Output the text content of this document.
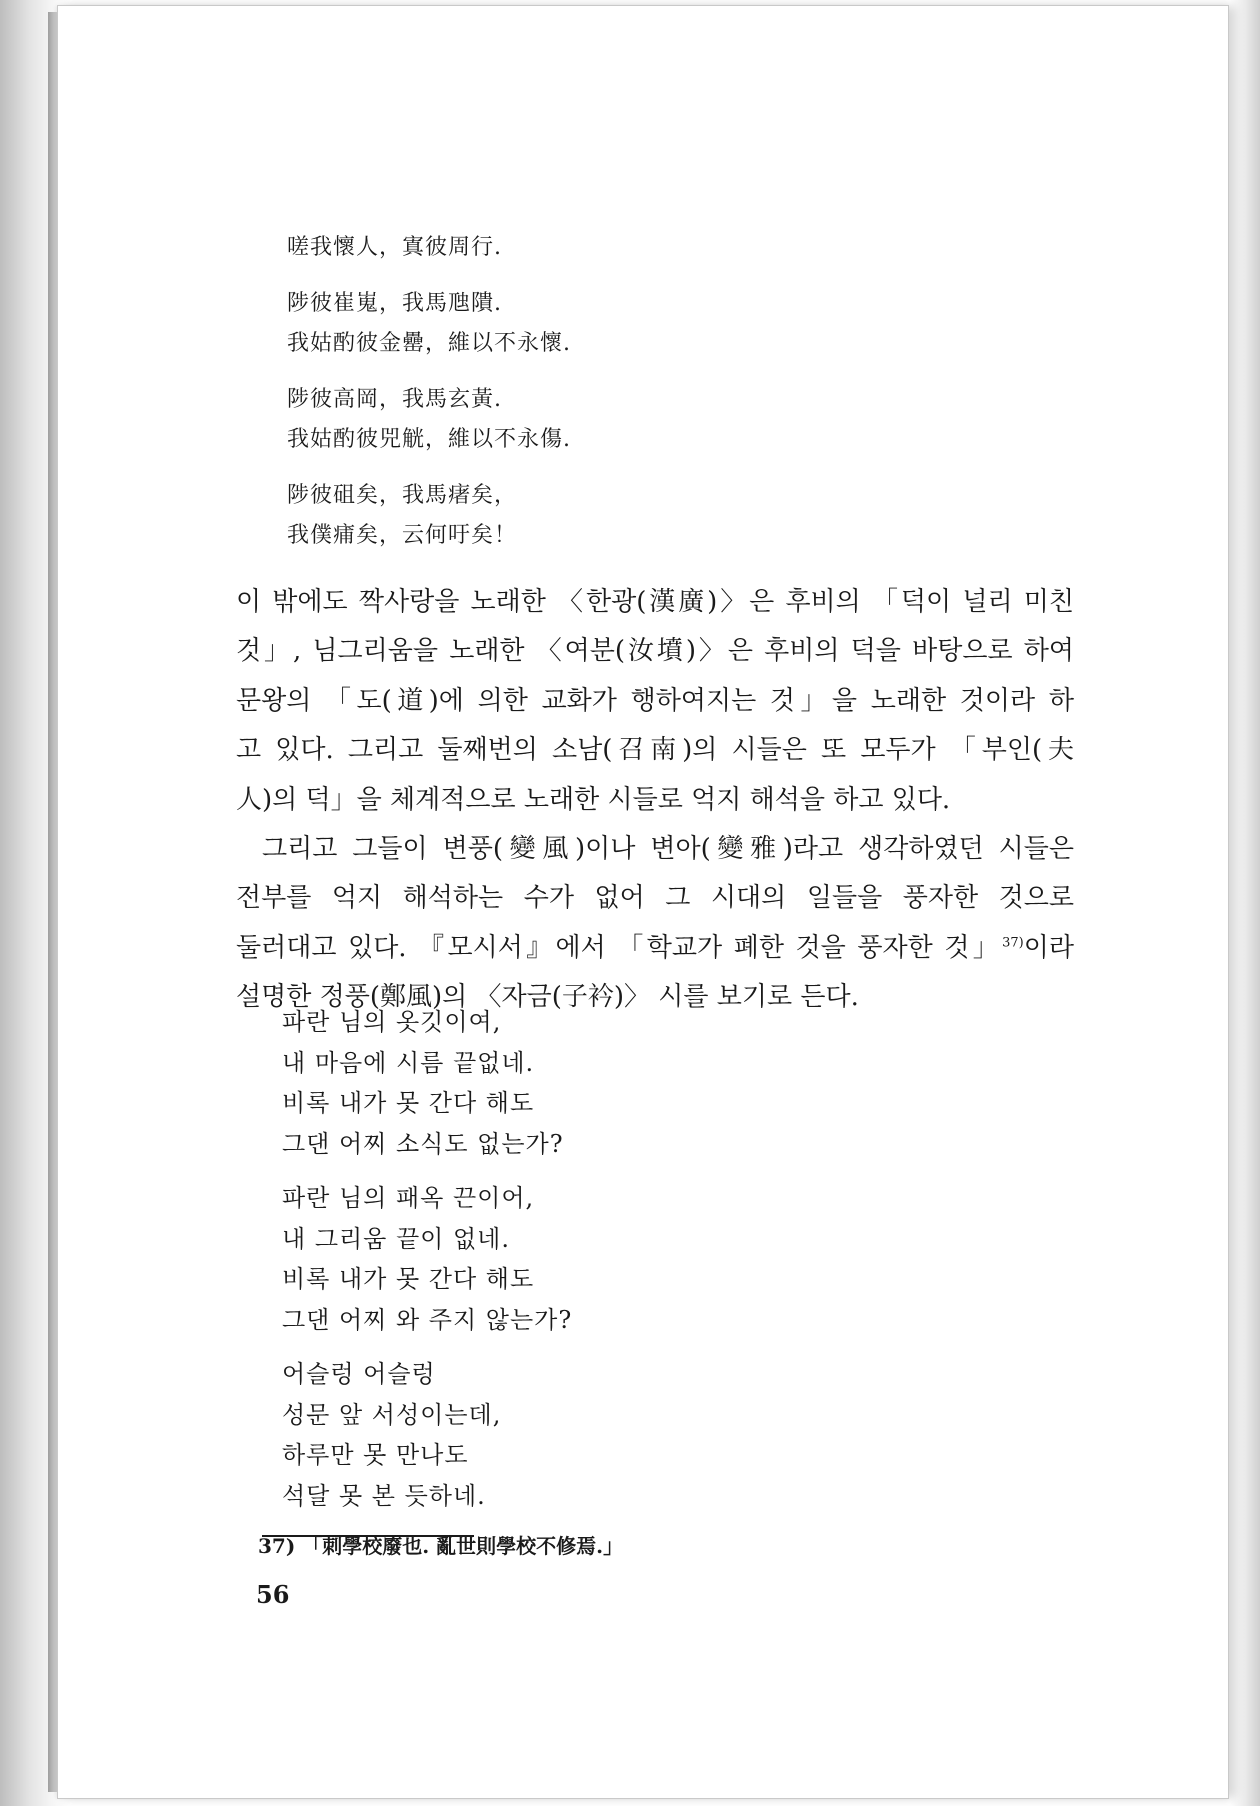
嗟我懷人，寘彼周行.

陟彼崔嵬，我馬虺隤.

我姑酌彼金罍，維以不永懷.

陟彼高岡，我馬玄黃.

我姑酌彼兕觥，維以不永傷.

陟彼砠矣，我馬瘏矣，

我僕痡矣，云何吁矣！

이 밖에도 짝사랑을 노래한 〈한광(漢廣)〉은 후비의 「덕이 널리 미친

것」, 님그리움을 노래한 〈여분(汝墳)〉은 후비의 덕을 바탕으로 하여

문왕의 「도(道)에 의한 교화가 행하여지는 것」을 노래한 것이라 하

고 있다. 그리고 둘째번의 소남(召南)의 시들은 또 모두가 「부인(夫

人)의 덕」을 체계적으로 노래한 시들로 억지 해석을 하고 있다.

그리고 그들이 변풍(變風)이나 변아(變雅)라고 생각하였던 시들은

전부를 억지 해석하는 수가 없어 그 시대의 일들을 풍자한 것으로

둘러대고 있다. 『모시서』에서 「학교가 폐한 것을 풍자한 것」$^{37)}$이라

설명한 정풍(鄭風)의 〈자금(子衿)〉 시를 보기로 든다.

파란 님의 옷깃이여,

내 마음에 시름 끝없네.

비록 내가 못 간다 해도

그댄 어찌 소식도 없는가?

파란 님의 패옥 끈이어,

내 그리움 끝이 없네.

비록 내가 못 간다 해도

그댄 어찌 와 주지 않는가?

어슬렁 어슬렁

성문 앞 서성이는데,

하루만 못 만나도

석달 못 본 듯하네.

37) 「刺學校廢也. 亂世則學校不修焉.」
56
